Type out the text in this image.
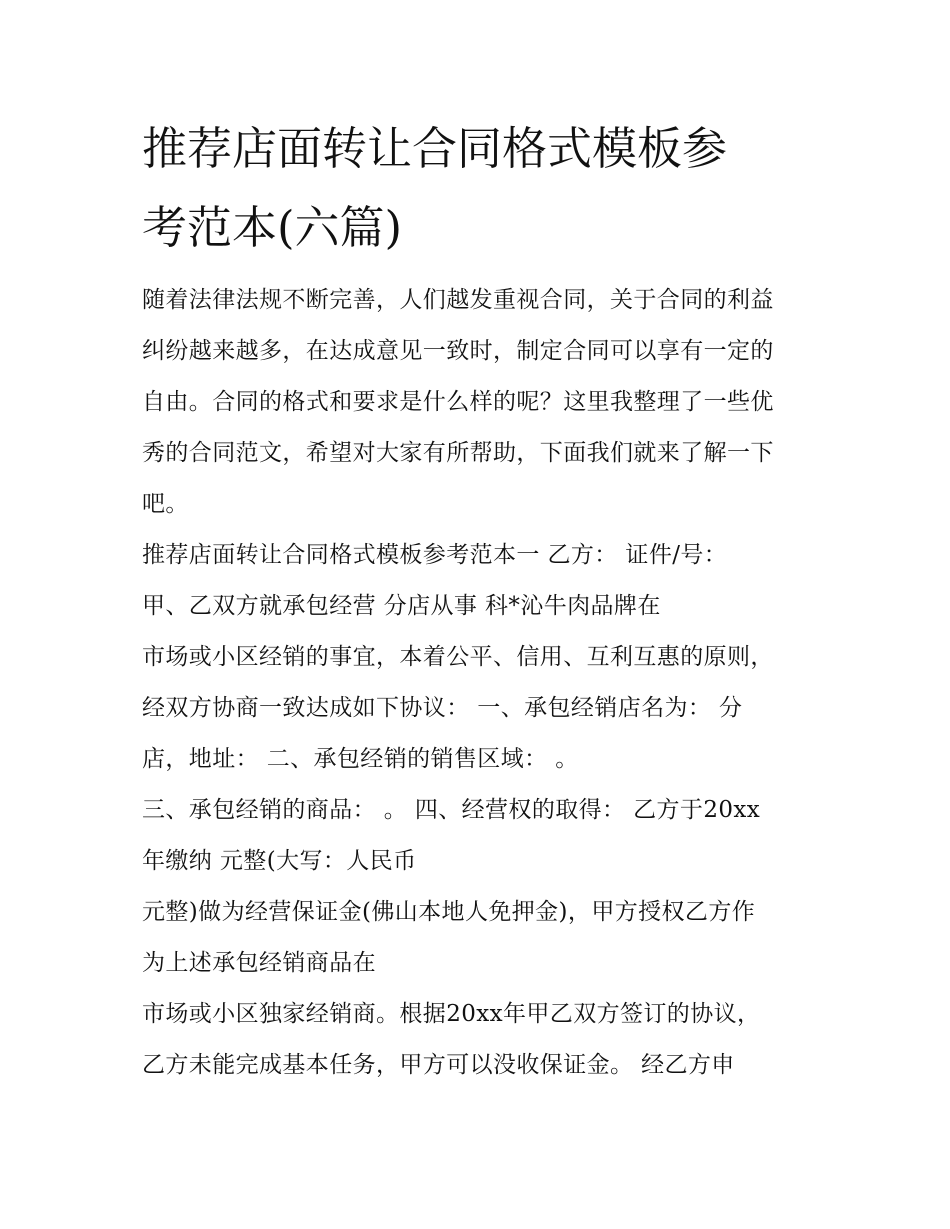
推荐店面转让合同格式模板参
考范本(六篇)
随着法律法规不断完善，人们越发重视合同，关于合同的利益
纠纷越来越多，在达成意见一致时，制定合同可以享有一定的
自由。合同的格式和要求是什么样的呢？这里我整理了一些优
秀的合同范文，希望对大家有所帮助，下面我们就来了解一下
吧。
推荐店面转让合同格式模板参考范本一 乙方： 证件/号：
甲、乙双方就承包经营 分店从事 科*沁牛肉品牌在
市场或小区经销的事宜，本着公平、信用、互利互惠的原则，
经双方协商一致达成如下协议： 一、承包经销店名为： 分
店，地址： 二、承包经销的销售区域： 。
三、承包经销的商品： 。 四、经营权的取得： 乙方于20xx
年缴纳 元整(大写：人民币
元整)做为经营保证金(佛山本地人免押金)，甲方授权乙方作
为上述承包经销商品在
市场或小区独家经销商。根据20xx年甲乙双方签订的协议，
乙方未能完成基本任务，甲方可以没收保证金。 经乙方申
